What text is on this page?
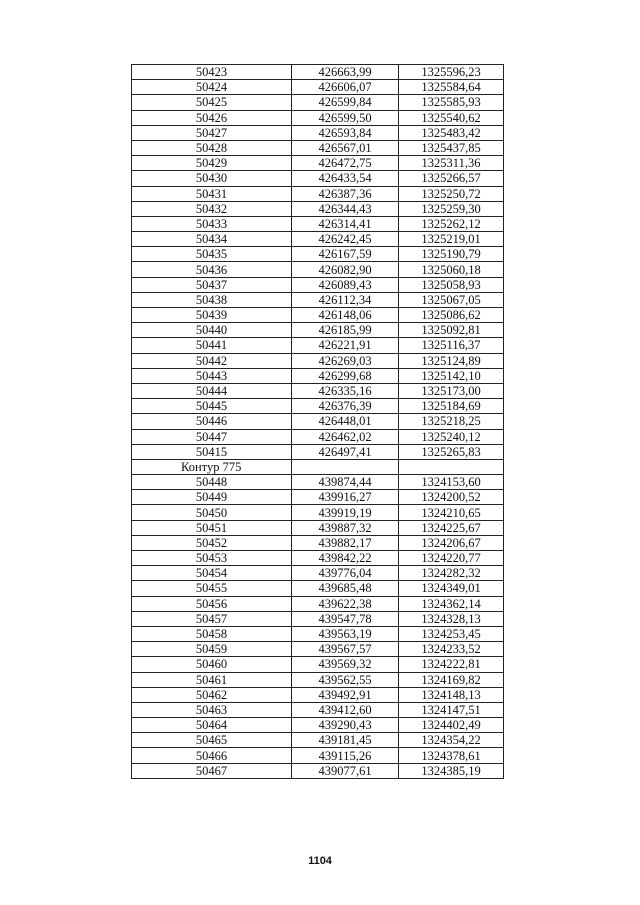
50423	426663,99	1325596,23
50424	426606,07	1325584,64
50425	426599,84	1325585,93
50426	426599,50	1325540,62
50427	426593,84	1325483,42
50428	426567,01	1325437,85
50429	426472,75	1325311,36
50430	426433,54	1325266,57
50431	426387,36	1325250,72
50432	426344,43	1325259,30
50433	426314,41	1325262,12
50434	426242,45	1325219,01
50435	426167,59	1325190,79
50436	426082,90	1325060,18
50437	426089,43	1325058,93
50438	426112,34	1325067,05
50439	426148,06	1325086,62
50440	426185,99	1325092,81
50441	426221,91	1325116,37
50442	426269,03	1325124,89
50443	426299,68	1325142,10
50444	426335,16	1325173,00
50445	426376,39	1325184,69
50446	426448,01	1325218,25
50447	426462,02	1325240,12
50415	426497,41	1325265,83
Контур 775		
50448	439874,44	1324153,60
50449	439916,27	1324200,52
50450	439919,19	1324210,65
50451	439887,32	1324225,67
50452	439882,17	1324206,67
50453	439842,22	1324220,77
50454	439776,04	1324282,32
50455	439685,48	1324349,01
50456	439622,38	1324362,14
50457	439547,78	1324328,13
50458	439563,19	1324253,45
50459	439567,57	1324233,52
50460	439569,32	1324222,81
50461	439562,55	1324169,82
50462	439492,91	1324148,13
50463	439412,60	1324147,51
50464	439290,43	1324402,49
50465	439181,45	1324354,22
50466	439115,26	1324378,61
50467	439077,61	1324385,19
1104
